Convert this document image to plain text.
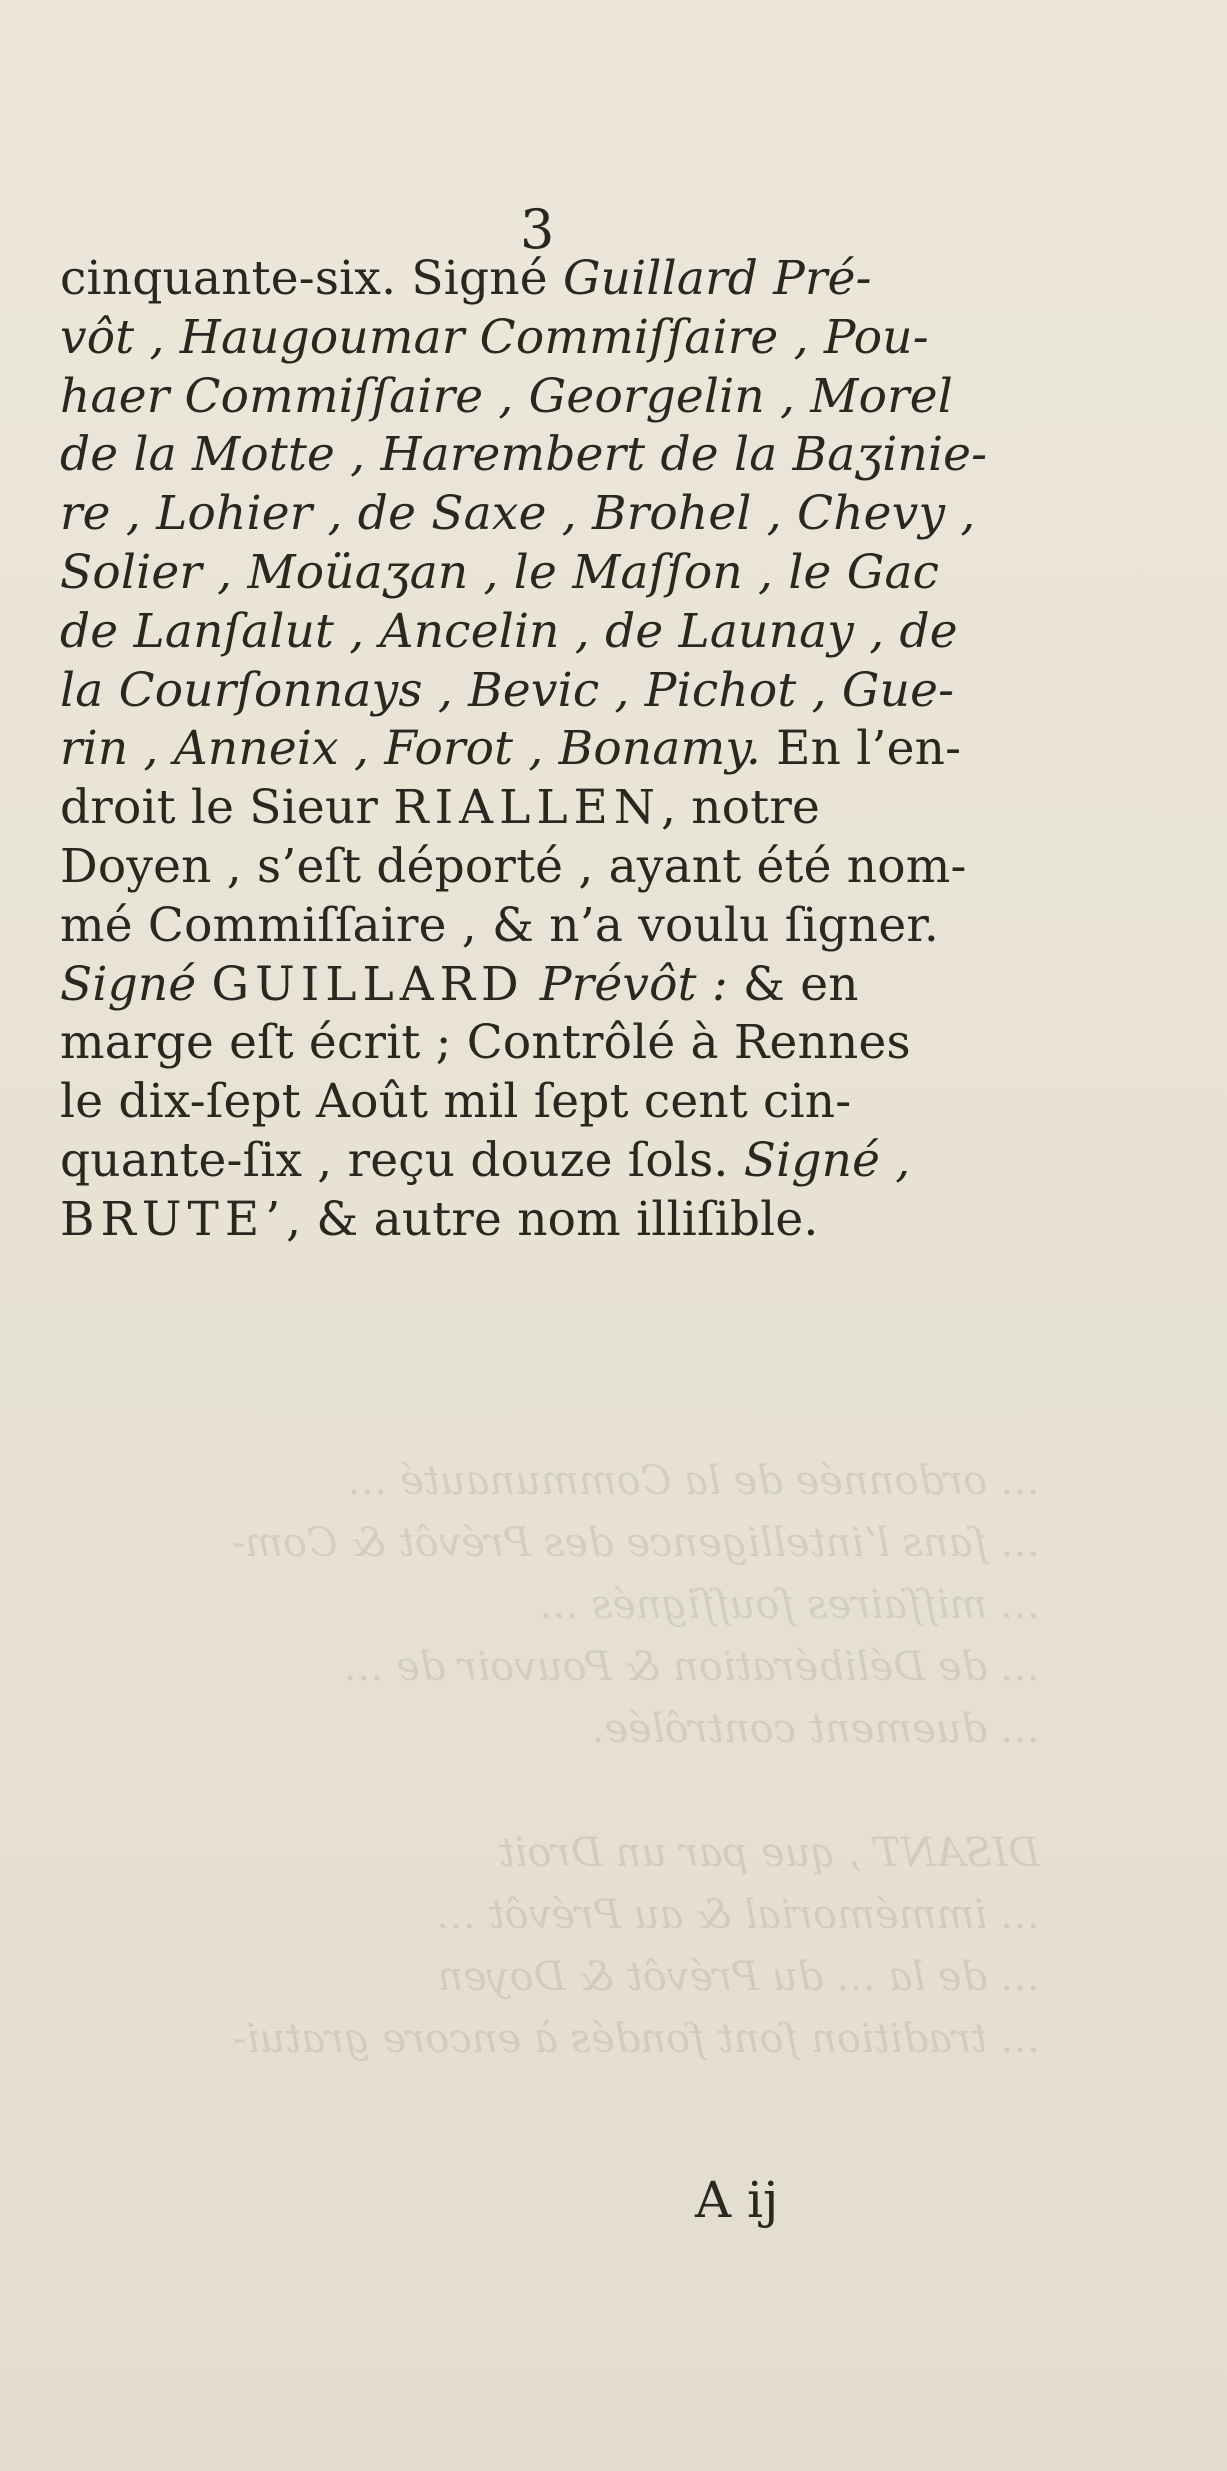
… ordonnée de la Communauté …
… ſans l’intelligence des Prévôt & Com-
… miſſaires ſouſſignés …
… de Délibération & Pouvoir de …
… duement contrôlée.

DISANT , que par un Droit
… immémorial & au Prévôt …
… de la … du Prévôt & Doyen
… tradition ſont fondés à encore gratui-
3
cinquante-six. Signé Guillard Pré-
vôt , Haugoumar Commiſſaire , Pou-
haer Commiſſaire , Georgelin , Morel
de la Motte , Harembert de la Baʒinie-
re , Lohier , de Saxe , Brohel , Chevy ,
Solier , Moüaʒan , le Maſſon , le Gac
de Lanſalut , Ancelin , de Launay , de
la Courſonnays , Bevic , Pichot , Gue-
rin , Anneix , Forot , Bonamy. En l’en-
droit le Sieur RIALLEN, notre
Doyen , s’eſt déporté , ayant été nom-
mé Commiſſaire , & n’a voulu ſigner.
Signé GUILLARD Prévôt : & en
marge eſt écrit ; Contrôlé à Rennes
le dix-ſept Août mil ſept cent cin-
quante-ſix , reçu douze ſols. Signé ,
BRUTE’, & autre nom illiſible.
A ij
